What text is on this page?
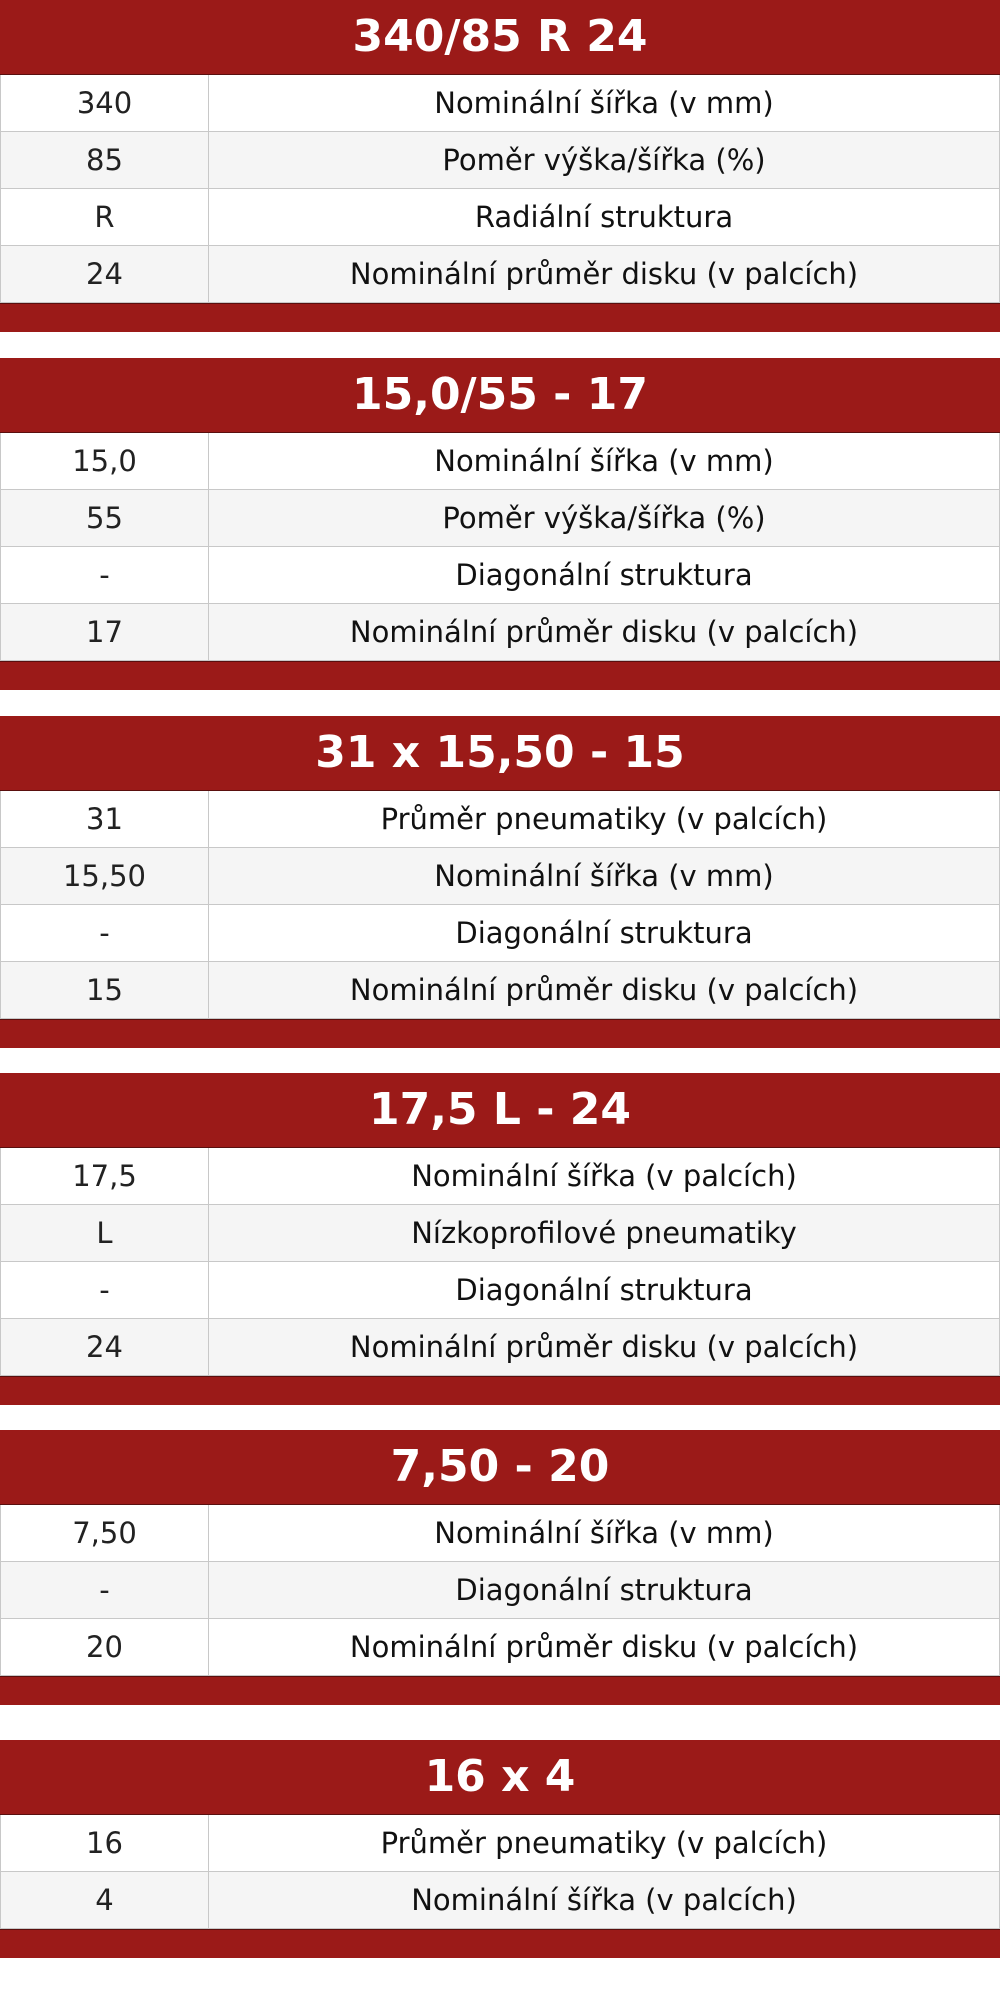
340/85 R 24
340	Nominální šířka (v mm)
85	Poměr výška/šířka (%)
R	Radiální struktura
24	Nominální průměr disku (v palcích)
15,0/55 - 17
15,0	Nominální šířka (v mm)
55	Poměr výška/šířka (%)
-	Diagonální struktura
17	Nominální průměr disku (v palcích)
31 x 15,50 - 15
31	Průměr pneumatiky (v palcích)
15,50	Nominální šířka (v mm)
-	Diagonální struktura
15	Nominální průměr disku (v palcích)
17,5 L - 24
17,5	Nominální šířka (v palcích)
L	Nízkoprofilové pneumatiky
-	Diagonální struktura
24	Nominální průměr disku (v palcích)
7,50 - 20
7,50	Nominální šířka (v mm)
-	Diagonální struktura
20	Nominální průměr disku (v palcích)
16 x 4
16	Průměr pneumatiky (v palcích)
4	Nominální šířka (v palcích)
